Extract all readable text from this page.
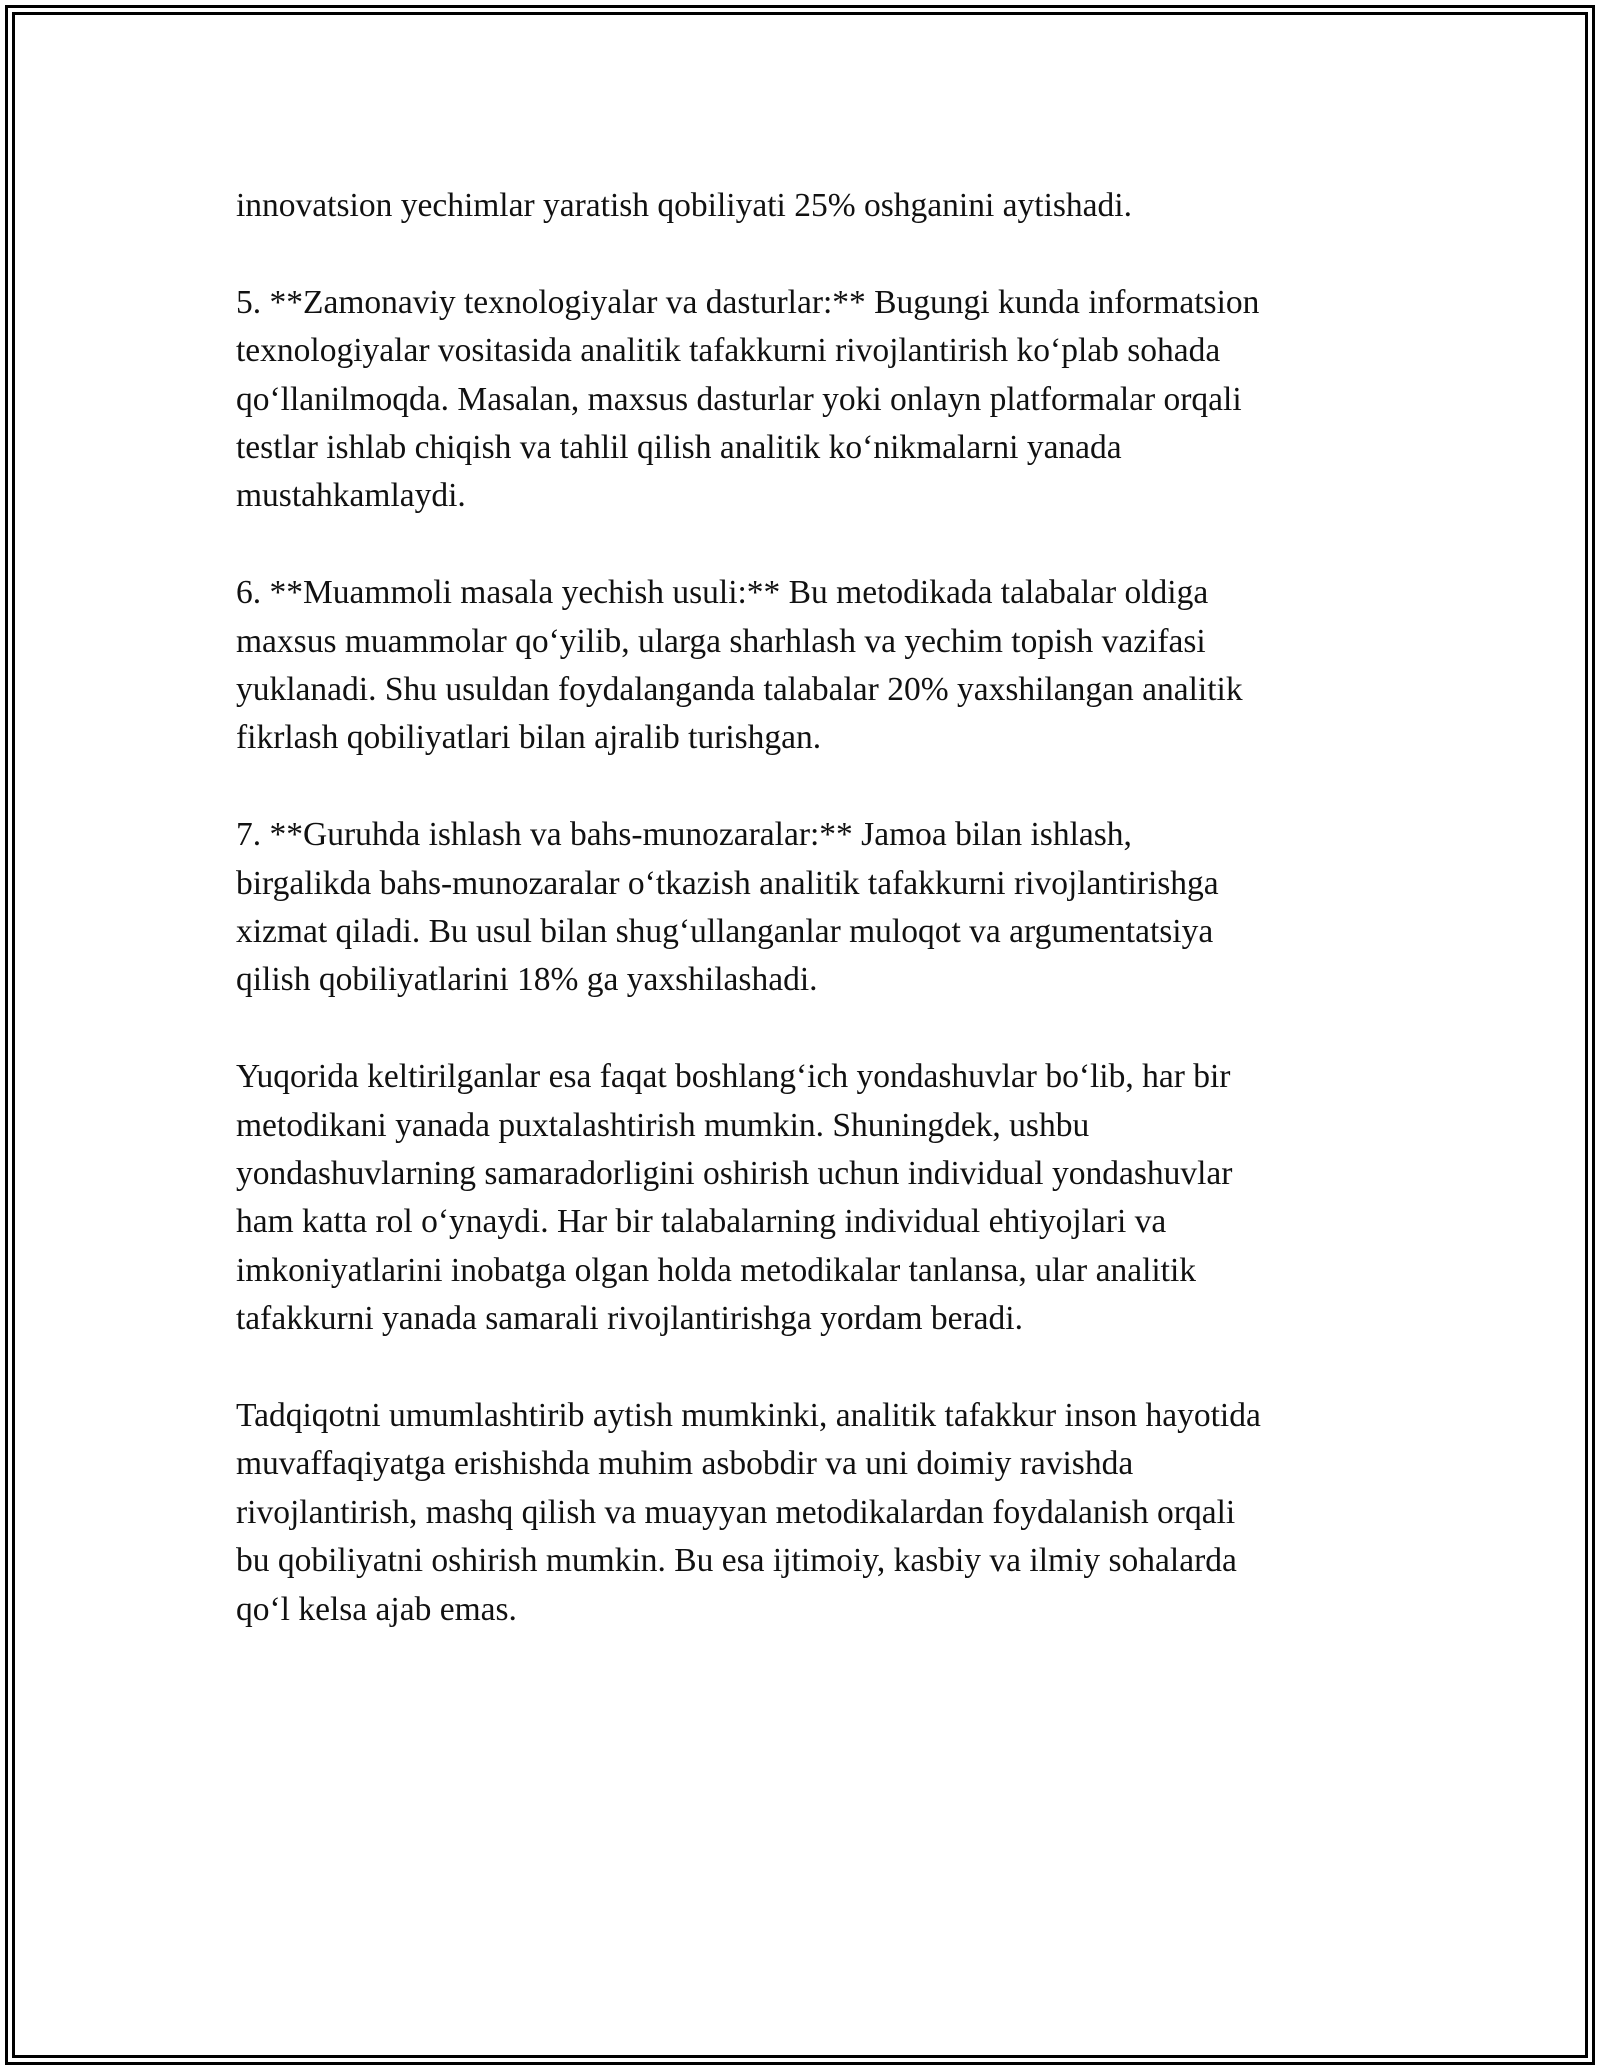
innovatsion yechimlar yaratish qobiliyati 25% oshganini aytishadi.

5. **Zamonaviy texnologiyalar va dasturlar:** Bugungi kunda informatsion
texnologiyalar vositasida analitik tafakkurni rivojlantirish ko‘plab sohada
qo‘llanilmoqda. Masalan, maxsus dasturlar yoki onlayn platformalar orqali
testlar ishlab chiqish va tahlil qilish analitik ko‘nikmalarni yanada
mustahkamlaydi.

6. **Muammoli masala yechish usuli:** Bu metodikada talabalar oldiga
maxsus muammolar qo‘yilib, ularga sharhlash va yechim topish vazifasi
yuklanadi. Shu usuldan foydalanganda talabalar 20% yaxshilangan analitik
fikrlash qobiliyatlari bilan ajralib turishgan.

7. **Guruhda ishlash va bahs-munozaralar:** Jamoa bilan ishlash,
birgalikda bahs-munozaralar o‘tkazish analitik tafakkurni rivojlantirishga
xizmat qiladi. Bu usul bilan shug‘ullanganlar muloqot va argumentatsiya
qilish qobiliyatlarini 18% ga yaxshilashadi.

Yuqorida keltirilganlar esa faqat boshlang‘ich yondashuvlar bo‘lib, har bir
metodikani yanada puxtalashtirish mumkin. Shuningdek, ushbu
yondashuvlarning samaradorligini oshirish uchun individual yondashuvlar
ham katta rol o‘ynaydi. Har bir talabalarning individual ehtiyojlari va
imkoniyatlarini inobatga olgan holda metodikalar tanlansa, ular analitik
tafakkurni yanada samarali rivojlantirishga yordam beradi.

Tadqiqotni umumlashtirib aytish mumkinki, analitik tafakkur inson hayotida
muvaffaqiyatga erishishda muhim asbobdir va uni doimiy ravishda
rivojlantirish, mashq qilish va muayyan metodikalardan foydalanish orqali
bu qobiliyatni oshirish mumkin. Bu esa ijtimoiy, kasbiy va ilmiy sohalarda
qo‘l kelsa ajab emas.
